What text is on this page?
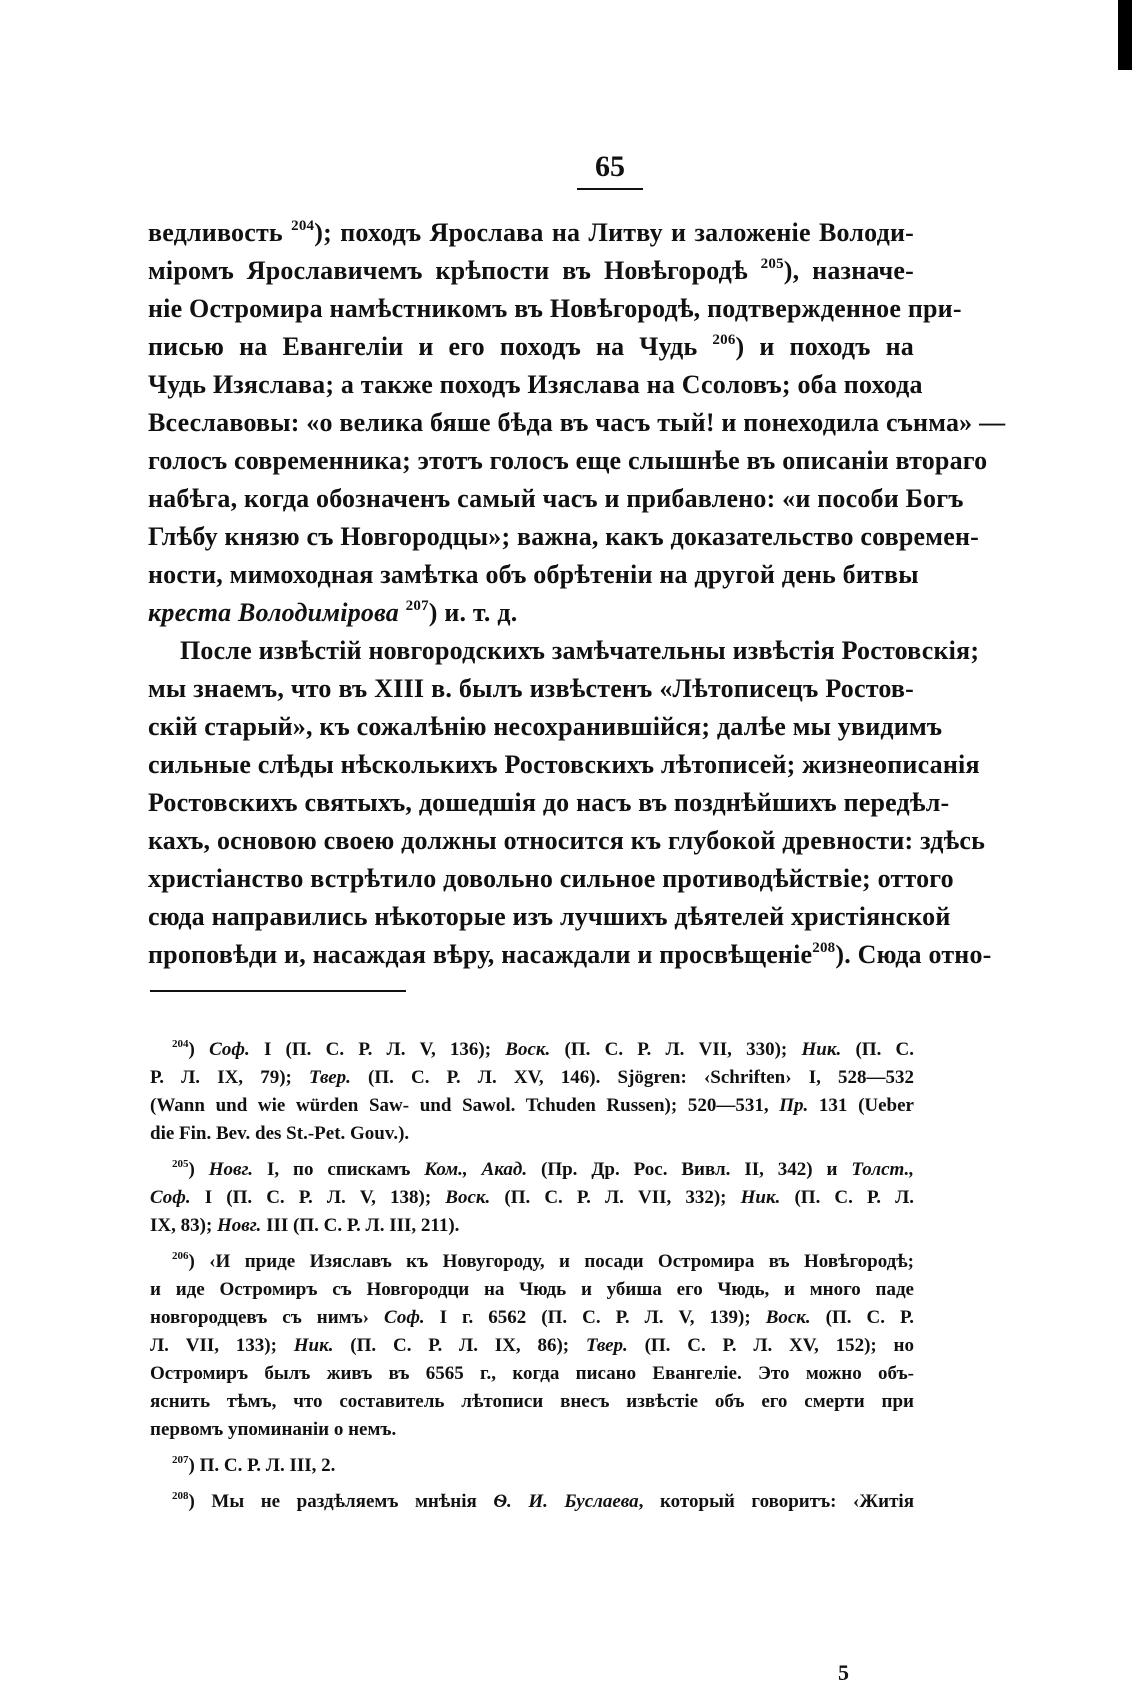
65
ведливость $^{204}$); походъ Ярослава на Литву и заложеніе Володи-
міромъ Ярославичемъ крѣпости въ Новѣгородѣ $^{205}$), назначе-
ніе Остромира намѣстникомъ въ Новѣгородѣ, подтвержденное при-
писью на Евангеліи и его походъ на Чудь $^{206}$) и походъ на
Чудь Изяслава; а также походъ Изяслава на Ссоловъ; оба похода
Всеславовы: «о велика бяше бѣда въ часъ тый! и понеходила сънма» —
голосъ современника; этотъ голосъ еще слышнѣе въ описаніи втораго
набѣга, когда обозначенъ самый часъ и прибавлено: «и пособи Богъ
Глѣбу князю съ Новгородцы»; важна, какъ доказательство современ-
ности, мимоходная замѣтка объ обрѣтеніи на другой день битвы
креста Володимірова $^{207}$) и. т. д.
После извѣстій новгородскихъ замѣчательны извѣстія Ростовскія;
мы знаемъ, что въ XIII в. былъ извѣстенъ «Лѣтописецъ Ростов-
скій старый», къ сожалѣнію несохранившійся; далѣе мы увидимъ
сильные слѣды нѣсколькихъ Ростовскихъ лѣтописей; жизнеописанія
Ростовскихъ святыхъ, дошедшія до насъ въ позднѣйшихъ передѣл-
кахъ, основою своею должны относится къ глубокой древности: здѣсь
христіанство встрѣтило довольно сильное противодѣйствіе; оттого
сюда направились нѣкоторые изъ лучшихъ дѣятелей христіянской
проповѣди и, насаждая вѣру, насаждали и просвѣщеніе$^{208}$). Сюда отно-
$^{204}$) Соф. I (П. С. Р. Л. V, 136); Воск. (П. С. Р. Л. VII, 330); Ник. (П. С.
Р. Л. IX, 79); Твер. (П. С. Р. Л. XV, 146). Sjögren: ‹Schriften› I, 528—532
(Wann und wie würden Saw- und Sawol. Tchuden Russen); 520—531, Пр. 131 (Ueber
die Fin. Bev. des St.-Pet. Gouv.).
$^{205}$) Новг. I, по спискамъ Ком., Акад. (Пр. Др. Рос. Вивл. II, 342) и Толст.,
Соф. I (П. С. Р. Л. V, 138); Воск. (П. С. Р. Л. VII, 332); Ник. (П. С. Р. Л.
IX, 83); Новг. III (П. С. Р. Л. III, 211).
$^{206}$) ‹И приде Изяславъ къ Новугороду, и посади Остромира въ Новѣгородѣ;
и иде Остромиръ съ Новгородци на Чюдь и убиша его Чюдь, и много паде
новгородцевъ съ нимъ› Соф. I г. 6562 (П. С. Р. Л. V, 139); Воск. (П. С. Р.
Л. VII, 133); Ник. (П. С. Р. Л. IX, 86); Твер. (П. С. Р. Л. XV, 152); но
Остромиръ былъ живъ въ 6565 г., когда писано Евангеліе. Это можно объ-
яснить тѣмъ, что составитель лѣтописи внесъ извѣстіе объ его смерти при
первомъ упоминаніи о немъ.
$^{207}$) П. С. Р. Л. III, 2.
$^{208}$) Мы не раздѣляемъ мнѣнія Ѳ. И. Буслаева, который говоритъ: ‹Житія
5
